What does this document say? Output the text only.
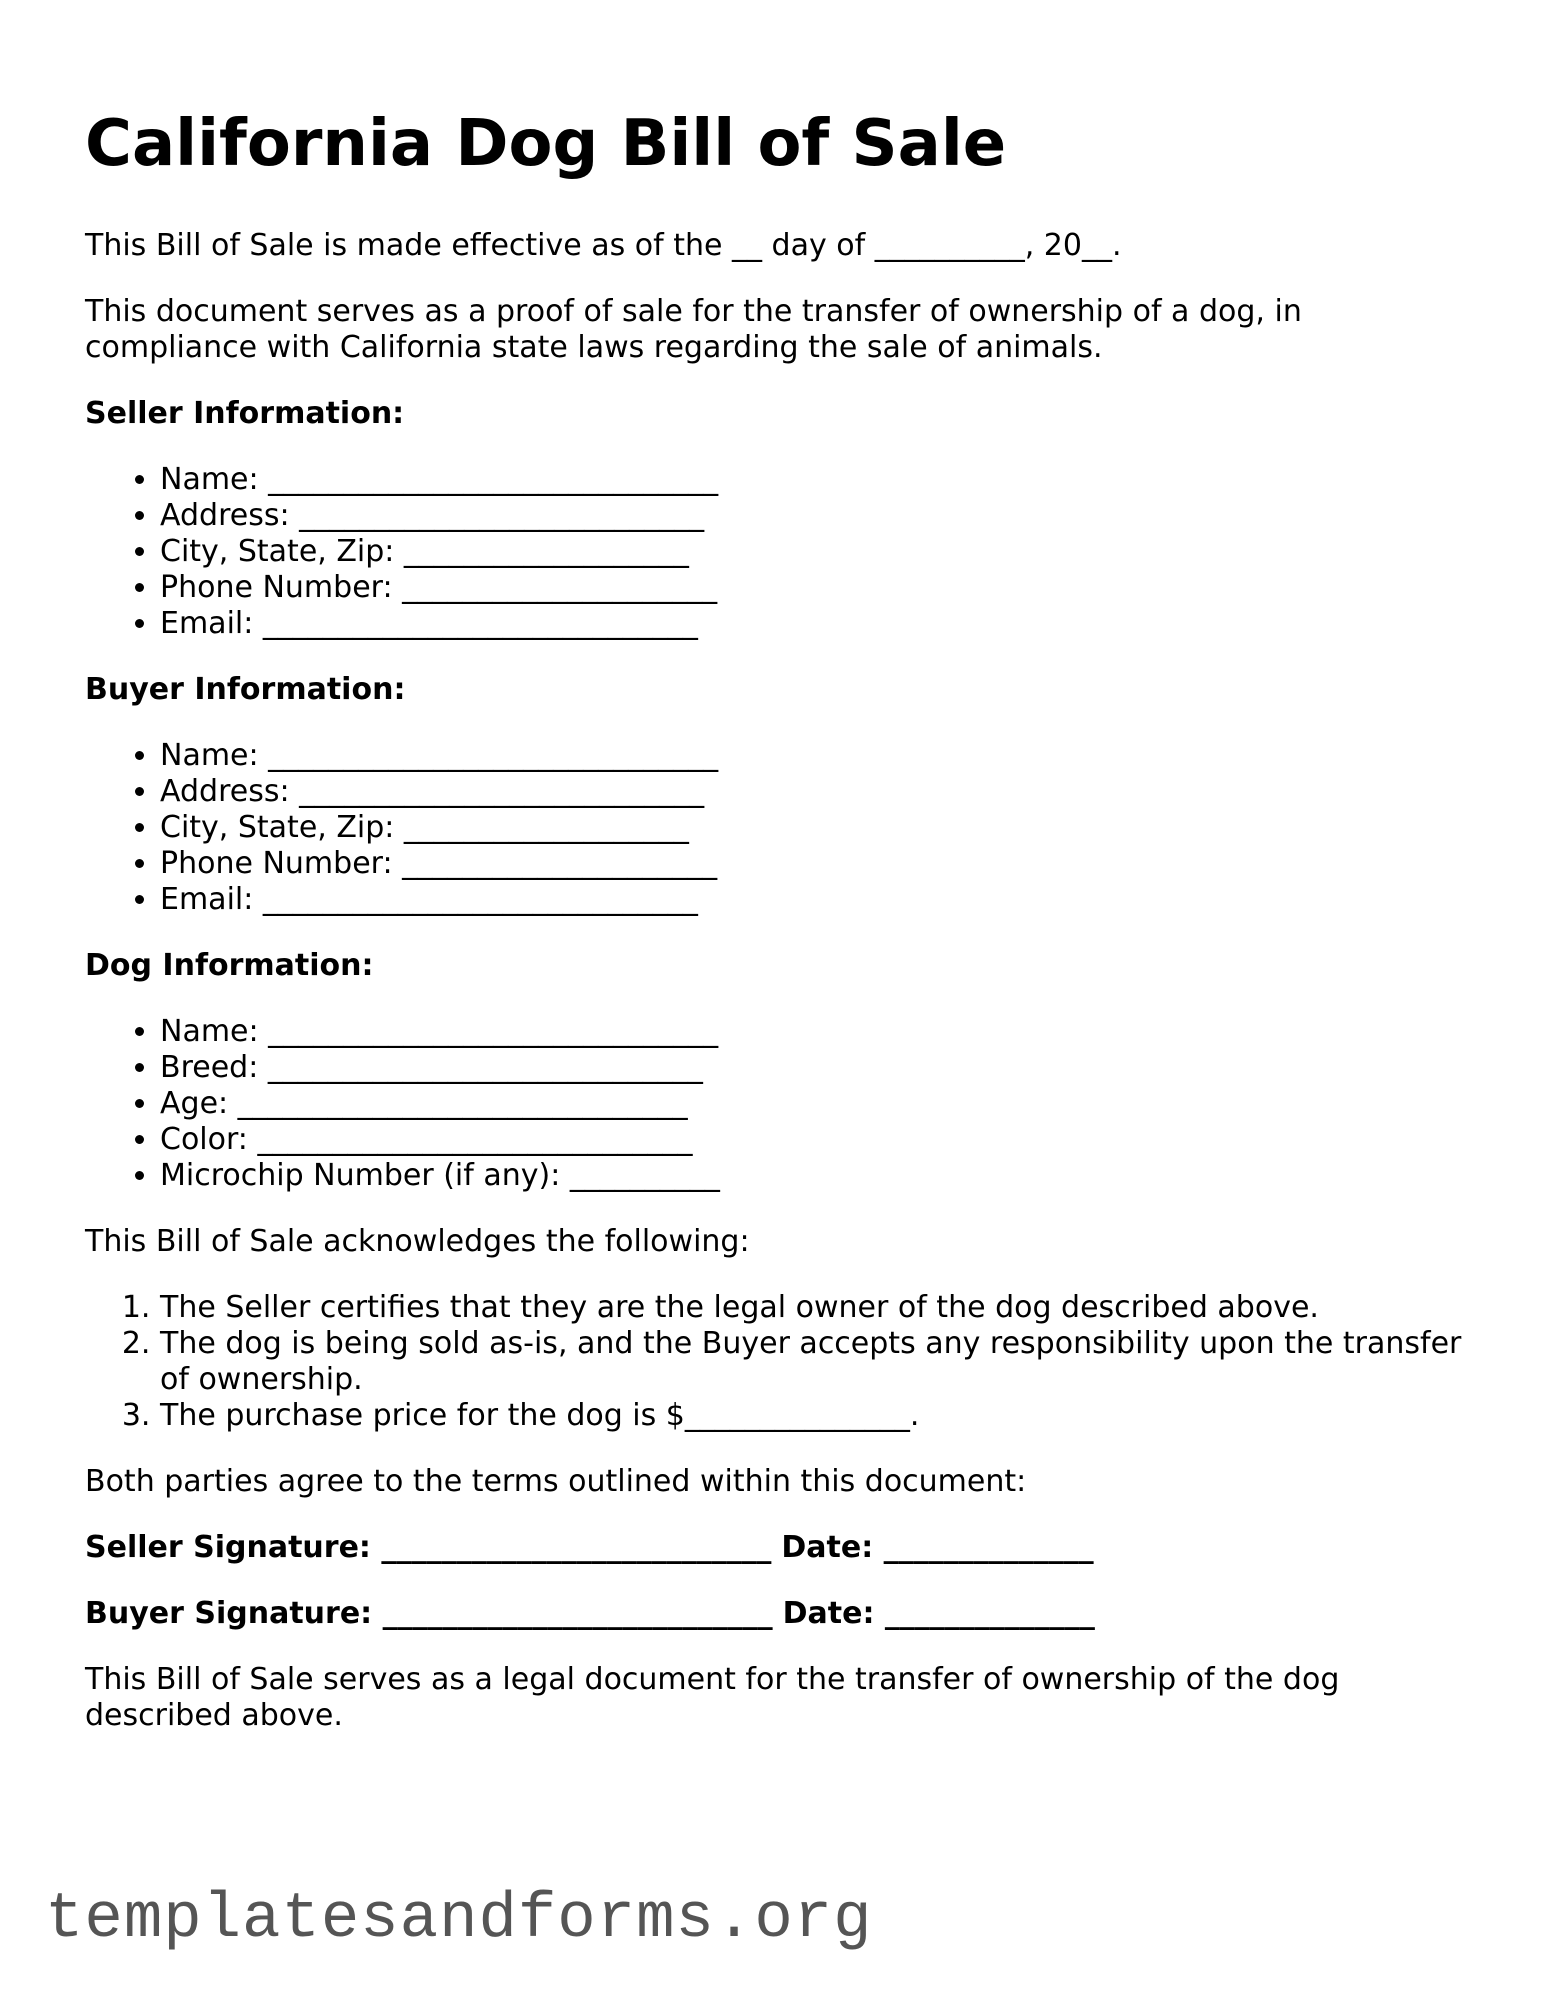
California Dog Bill of Sale

This Bill of Sale is made effective as of the __ day of __________, 20__.

This document serves as a proof of sale for the transfer of ownership of a dog, in compliance with California state laws regarding the sale of animals.

Seller Information:
• Name: ______________________________
• Address: ___________________________
• City, State, Zip: ___________________
• Phone Number: _____________________
• Email: _____________________________
Buyer Information:
• Name: ______________________________
• Address: ___________________________
• City, State, Zip: ___________________
• Phone Number: _____________________
• Email: _____________________________
Dog Information:
• Name: ______________________________
• Breed: _____________________________
• Age: ______________________________
• Color: _____________________________
• Microchip Number (if any): __________

This Bill of Sale acknowledges the following:

1. The Seller certifies that they are the legal owner of the dog described above.
2. The dog is being sold as-is, and the Buyer accepts any responsibility upon the transfer of ownership.
3. The purchase price for the dog is $_______________.

Both parties agree to the terms outlined within this document:

Seller Signature: __________________________ Date: ______________
Buyer Signature: __________________________ Date: ______________

This Bill of Sale serves as a legal document for the transfer of ownership of the dog described above.

templatesandforms.org
